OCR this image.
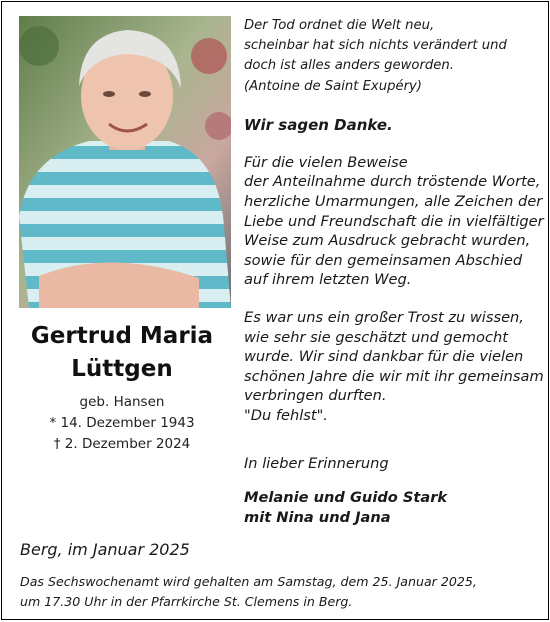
Gertrud Maria
Lüttgen
geb. Hansen
* 14. Dezember 1943
† 2. Dezember 2024
Der Tod ordnet die Welt neu,
scheinbar hat sich nichts verändert und
doch ist alles anders geworden.
(Antoine de Saint Exupéry)
Wir sagen Danke.
Für die vielen Beweise
der Anteilnahme durch tröstende Worte,
herzliche Umarmungen, alle Zeichen der
Liebe und Freundschaft die in vielfältiger
Weise zum Ausdruck gebracht wurden,
sowie für den gemeinsamen Abschied
auf ihrem letzten Weg.
Es war uns ein großer Trost zu wissen,
wie sehr sie geschätzt und gemocht
wurde. Wir sind dankbar für die vielen
schönen Jahre die wir mit ihr gemeinsam
verbringen durften.
"Du fehlst".
In lieber Erinnerung
Melanie und Guido Stark
mit Nina und Jana
Berg, im Januar 2025
Das Sechswochenamt wird gehalten am Samstag, dem 25. Januar 2025,
um 17.30 Uhr in der Pfarrkirche St. Clemens in Berg.
